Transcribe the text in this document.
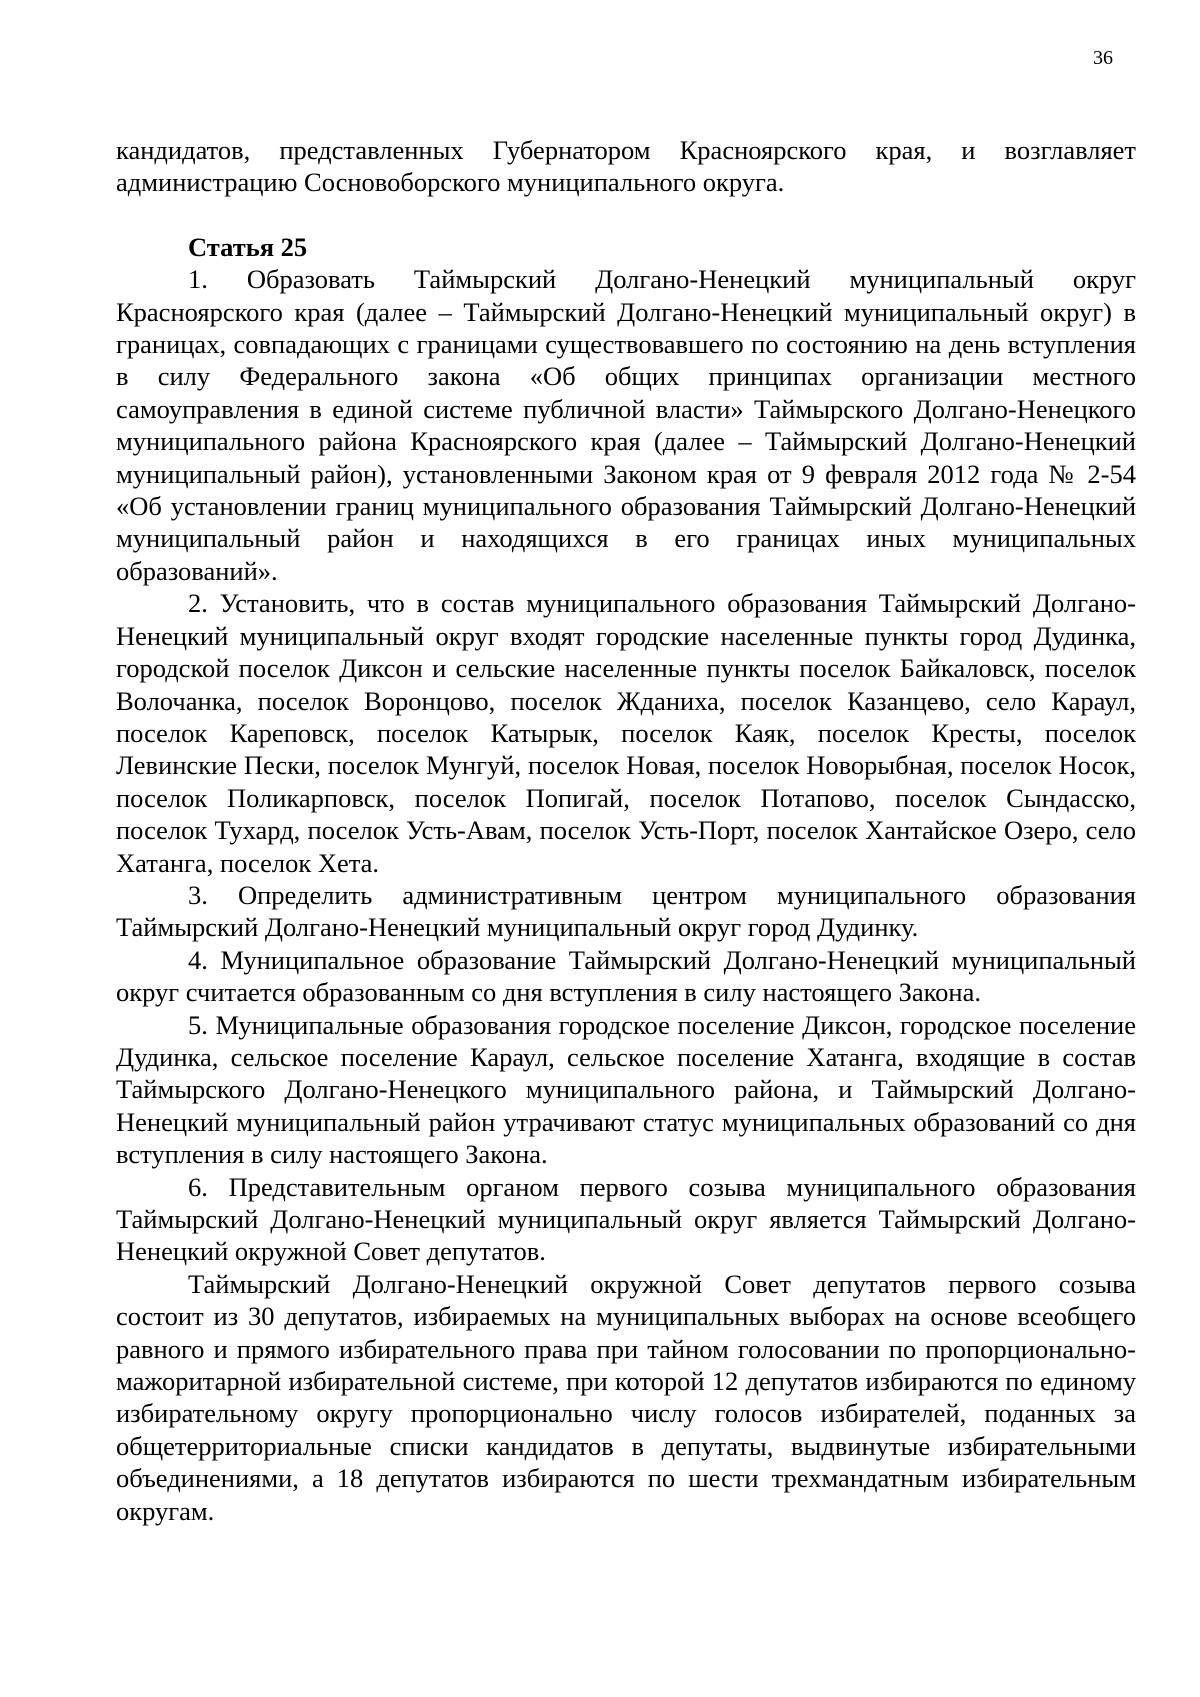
36

кандидатов, представленных Губернатором Красноярского края, и возглавляет администрацию Сосновоборского муниципального округа.

Статья 25

1. Образовать Таймырский Долгано-Ненецкий муниципальный округ Красноярского края (далее – Таймырский Долгано-Ненецкий муниципальный округ) в границах, совпадающих с границами существовавшего по состоянию на день вступления в силу Федерального закона «Об общих принципах организации местного самоуправления в единой системе публичной власти» Таймырского Долгано-Ненецкого муниципального района Красноярского края (далее – Таймырский Долгано-Ненецкий муниципальный район), установленными Законом края от 9 февраля 2012 года № 2-54 «Об установлении границ муниципального образования Таймырский Долгано-Ненецкий муниципальный район и находящихся в его границах иных муниципальных образований».

2. Установить, что в состав муниципального образования Таймырский Долгано-Ненецкий муниципальный округ входят городские населенные пункты город Дудинка, городской поселок Диксон и сельские населенные пункты поселок Байкаловск, поселок Волочанка, поселок Воронцово, поселок Жданиха, поселок Казанцево, село Караул, поселок Кареповск, поселок Катырык, поселок Каяк, поселок Кресты, поселок Левинские Пески, поселок Мунгуй, поселок Новая, поселок Новорыбная, поселок Носок, поселок Поликарповск, поселок Попигай, поселок Потапово, поселок Сындасско, поселок Тухард, поселок Усть-Авам, поселок Усть-Порт, поселок Хантайское Озеро, село Хатанга, поселок Хета.

3. Определить административным центром муниципального образования Таймырский Долгано-Ненецкий муниципальный округ город Дудинку.

4. Муниципальное образование Таймырский Долгано-Ненецкий муниципальный округ считается образованным со дня вступления в силу настоящего Закона.

5. Муниципальные образования городское поселение Диксон, городское поселение Дудинка, сельское поселение Караул, сельское поселение Хатанга, входящие в состав Таймырского Долгано-Ненецкого муниципального района, и Таймырский Долгано-Ненецкий муниципальный район утрачивают статус муниципальных образований со дня вступления в силу настоящего Закона.

6. Представительным органом первого созыва муниципального образования Таймырский Долгано-Ненецкий муниципальный округ является Таймырский Долгано-Ненецкий окружной Совет депутатов.

Таймырский Долгано-Ненецкий окружной Совет депутатов первого созыва состоит из 30 депутатов, избираемых на муниципальных выборах на основе всеобщего равного и прямого избирательного права при тайном голосовании по пропорционально-мажоритарной избирательной системе, при которой 12 депутатов избираются по единому избирательному округу пропорционально числу голосов избирателей, поданных за общетерриториальные списки кандидатов в депутаты, выдвинутые избирательными объединениями, а 18 депутатов избираются по шести трехмандатным избирательным округам.
